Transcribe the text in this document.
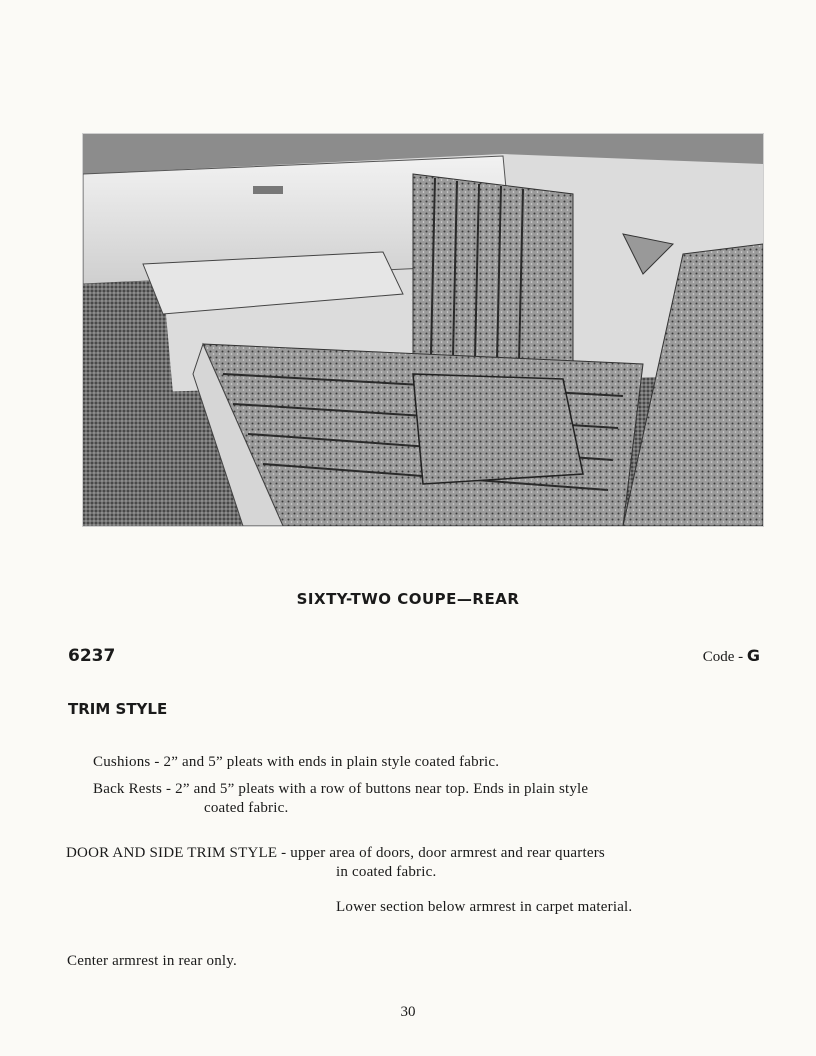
SIXTY-TWO COUPE—REAR
6237	Code - G
TRIM STYLE
Cushions - 2” and 5” pleats with ends in plain style coated fabric.
Back Rests - 2” and 5” pleats with a row of buttons near top. Ends in plain style
coated fabric.
DOOR AND SIDE TRIM STYLE - upper area of doors, door armrest and rear quarters
in coated fabric.
Lower section below armrest in carpet material.
Center armrest in rear only.
30
